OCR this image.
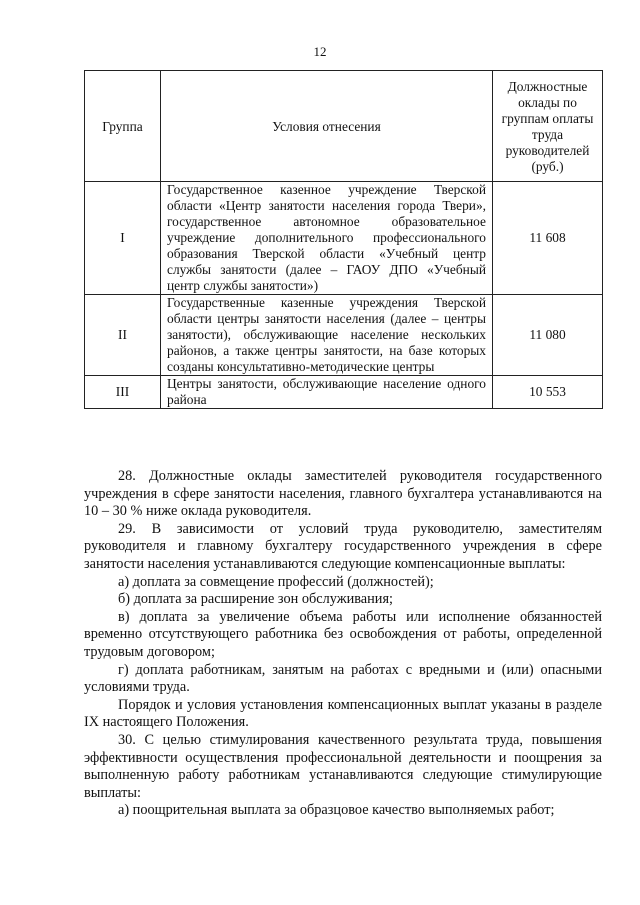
12
Группа	Условия отнесения	Должностные оклады по группам оплаты труда руководителей (руб.)
I	Государственное казенное учреждение Тверской области «Центр занятости населения города Твери», государственное автономное образовательное учреждение дополнительного профессионального образования Тверской области «Учебный центр службы занятости (далее – ГАОУ ДПО «Учебный центр службы занятости»)	11 608
II	Государственные казенные учреждения Тверской области центры занятости населения (далее – центры занятости), обслуживающие население нескольких районов, а также центры занятости, на базе которых созданы консультативно-методические центры	11 080
III	Центры занятости, обслуживающие население одного района	10 553

28. Должностные оклады заместителей руководителя государственного учреждения в сфере занятости населения, главного бухгалтера устанавливаются на 10 – 30 % ниже оклада руководителя.

29. В зависимости от условий труда руководителю, заместителям руководителя и главному бухгалтеру государственного учреждения в сфере занятости населения устанавливаются следующие компенсационные выплаты:

а) доплата за совмещение профессий (должностей);

б) доплата за расширение зон обслуживания;

в) доплата за увеличение объема работы или исполнение обязанностей временно отсутствующего работника без освобождения от работы, определенной трудовым договором;

г) доплата работникам, занятым на работах с вредными и (или) опасными условиями труда.

Порядок и условия установления компенсационных выплат указаны в разделе IX настоящего Положения.

30. С целью стимулирования качественного результата труда, повышения эффективности осуществления профессиональной деятельности и поощрения за выполненную работу работникам устанавливаются следующие стимулирующие выплаты:

а) поощрительная выплата за образцовое качество выполняемых работ;
